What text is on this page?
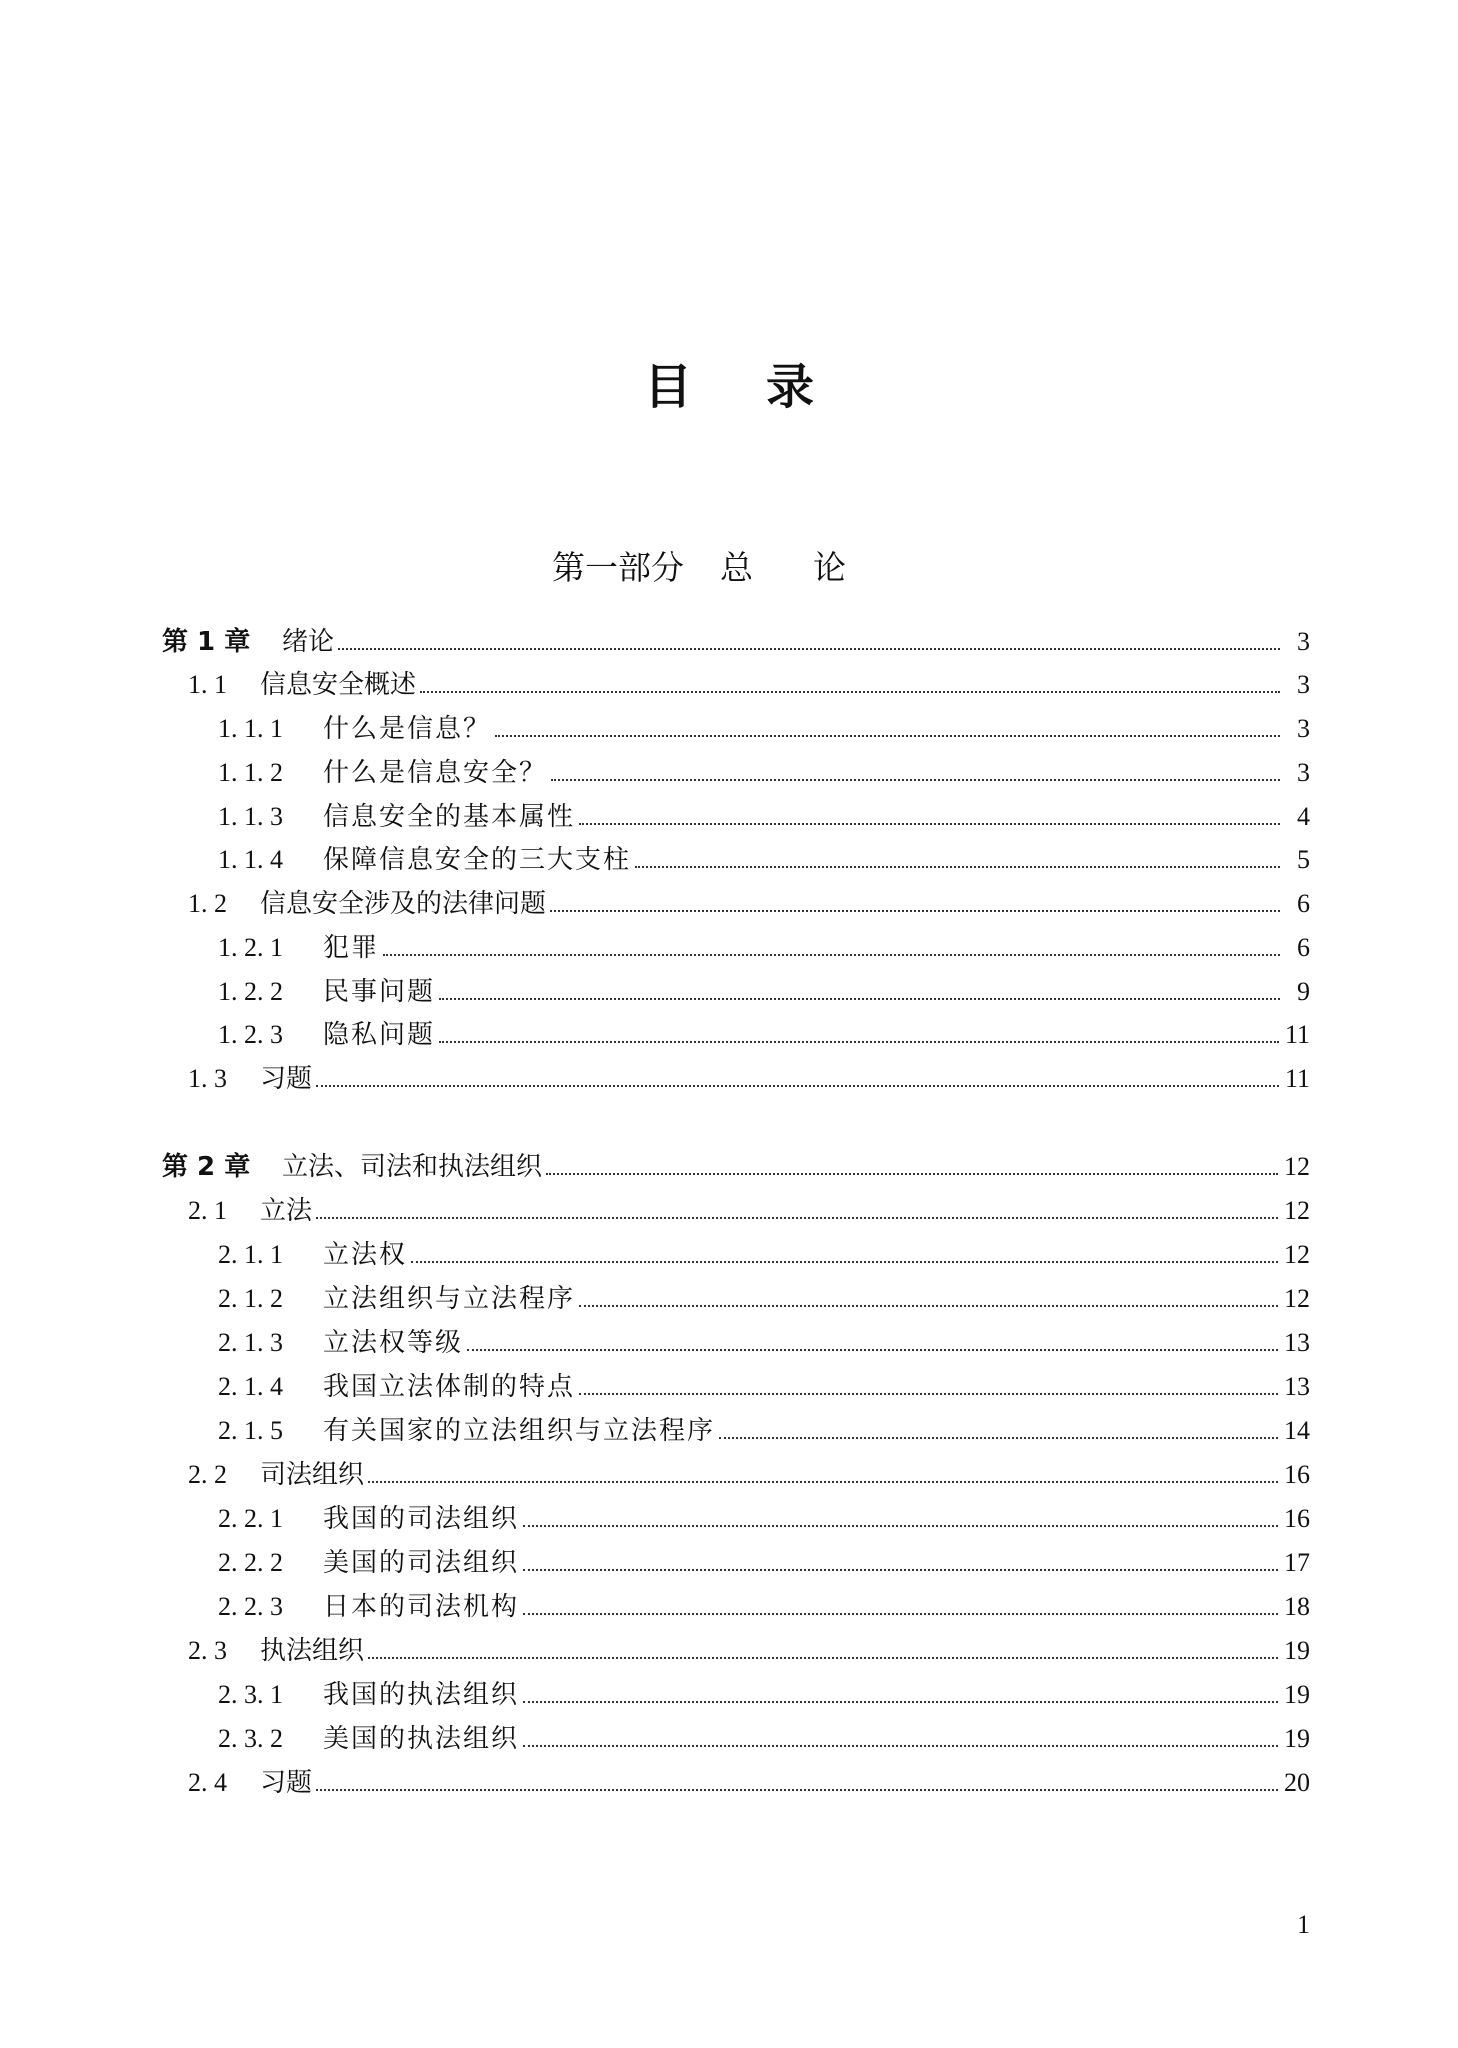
目录
第一部分 总论
第 1 章	绪论	3
1. 1	信息安全概述	3
1. 1. 1	什么是信息？	3
1. 1. 2	什么是信息安全？	3
1. 1. 3	信息安全的基本属性	4
1. 1. 4	保障信息安全的三大支柱	5
1. 2	信息安全涉及的法律问题	6
1. 2. 1	犯罪	6
1. 2. 2	民事问题	9
1. 2. 3	隐私问题	11
1. 3	习题	11
第 2 章	立法、司法和执法组织	12
2. 1	立法	12
2. 1. 1	立法权	12
2. 1. 2	立法组织与立法程序	12
2. 1. 3	立法权等级	13
2. 1. 4	我国立法体制的特点	13
2. 1. 5	有关国家的立法组织与立法程序	14
2. 2	司法组织	16
2. 2. 1	我国的司法组织	16
2. 2. 2	美国的司法组织	17
2. 2. 3	日本的司法机构	18
2. 3	执法组织	19
2. 3. 1	我国的执法组织	19
2. 3. 2	美国的执法组织	19
2. 4	习题	20
1
